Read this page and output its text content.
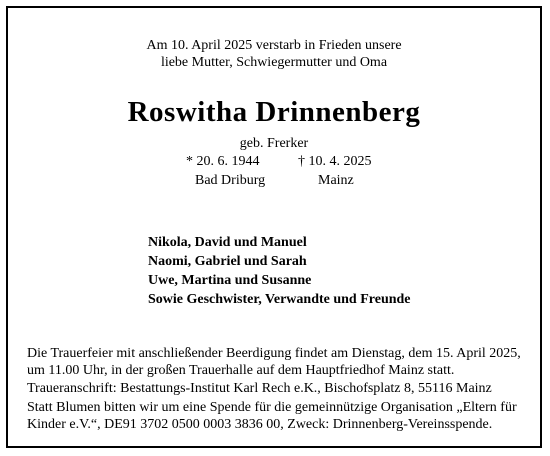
Am 10. April 2025 verstarb in Frieden unsere
liebe Mutter, Schwiegermutter und Oma
Roswitha Drinnenberg
geb. Frerker
* 20. 6. 1944	† 10. 4. 2025
Bad Driburg	Mainz
Nikola, David und Manuel
Naomi, Gabriel und Sarah
Uwe, Martina und Susanne
Sowie Geschwister, Verwandte und Freunde
Die Trauerfeier mit anschließender Beerdigung findet am Dienstag, dem 15. April 2025,
um 11.00 Uhr, in der großen Trauerhalle auf dem Hauptfriedhof Mainz statt.
Traueranschrift: Bestattungs-Institut Karl Rech e.K., Bischofsplatz 8, 55116 Mainz
Statt Blumen bitten wir um eine Spende für die gemeinnützige Organisation „Eltern für
Kinder e.V.“, DE91 3702 0500 0003 3836 00, Zweck: Drinnenberg-Vereinsspende.
